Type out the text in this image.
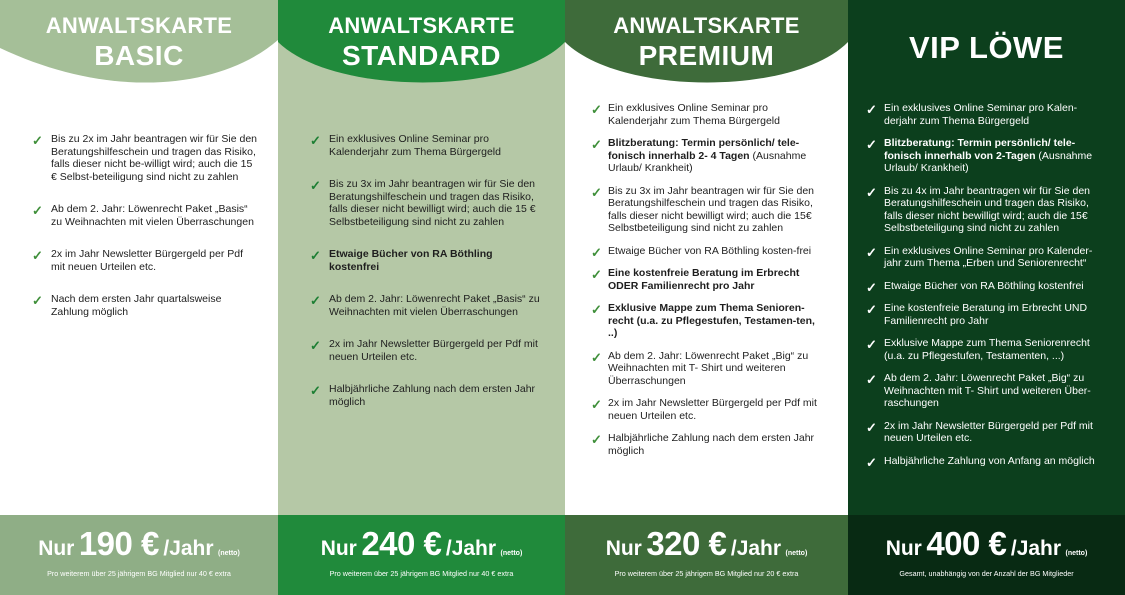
ANWALTSKARTE
BASIC
✓ Bis zu 2x im Jahr beantragen wir für Sie den Beratungshilfeschein und tragen das Risiko, falls dieser nicht be-willigt wird; auch die 15 € Selbst-beteiligung sind nicht zu zahlen
✓ Ab dem 2. Jahr: Löwenrecht Paket „Basis“ zu Weihnachten mit vielen Überraschungen
✓ 2x im Jahr Newsletter Bürgergeld per Pdf mit neuen Urteilen etc.
✓ Nach dem ersten Jahr quartalsweise Zahlung möglich
Nur 190 € /Jahr (netto)
Pro weiterem über 25 jährigem BG Mitglied nur 40 € extra
ANWALTSKARTE
STANDARD
✓ Ein exklusives Online Seminar pro Kalenderjahr zum Thema Bürgergeld
✓ Bis zu 3x im Jahr beantragen wir für Sie den Beratungshilfeschein und tragen das Risiko, falls dieser nicht bewilligt wird; auch die 15 € Selbstbeteiligung sind nicht zu zahlen
✓ Etwaige Bücher von RA Böthling kostenfrei
✓ Ab dem 2. Jahr: Löwenrecht Paket „Basis“ zu Weihnachten mit vielen Überraschungen
✓ 2x im Jahr Newsletter Bürgergeld per Pdf mit neuen Urteilen etc.
✓ Halbjährliche Zahlung nach dem ersten Jahr möglich
Nur 240 € /Jahr (netto)
Pro weiterem über 25 jährigem BG Mitglied nur 40 € extra
ANWALTSKARTE
PREMIUM
✓ Ein exklusives Online Seminar pro Kalenderjahr zum Thema Bürgergeld
✓ Blitzberatung: Termin persönlich/ tele-fonisch innerhalb 2- 4 Tagen (Ausnahme Urlaub/ Krankheit)
✓ Bis zu 3x im Jahr beantragen wir für Sie den Beratungshilfeschein und tragen das Risiko, falls dieser nicht bewilligt wird; auch die 15€ Selbstbeteiligung sind nicht zu zahlen
✓ Etwaige Bücher von RA Böthling kosten-frei
✓ Eine kostenfreie Beratung im Erbrecht ODER Familienrecht pro Jahr
✓ Exklusive Mappe zum Thema Senioren-recht (u.a. zu Pflegestufen, Testamen-ten, ..)
✓ Ab dem 2. Jahr: Löwenrecht Paket „Big“ zu Weihnachten mit T- Shirt und weiteren Überraschungen
✓ 2x im Jahr Newsletter Bürgergeld per Pdf mit neuen Urteilen etc.
✓ Halbjährliche Zahlung nach dem ersten Jahr möglich
Nur 320 € /Jahr (netto)
Pro weiterem über 25 jährigem BG Mitglied nur 20 € extra
VIP LÖWE
✓ Ein exklusives Online Seminar pro Kalen-derjahr zum Thema Bürgergeld
✓ Blitzberatung: Termin persönlich/ tele-fonisch innerhalb von 2-Tagen (Ausnahme Urlaub/ Krankheit)
✓ Bis zu 4x im Jahr beantragen wir für Sie den Beratungshilfeschein und tragen das Risiko, falls dieser nicht bewilligt wird; auch die 15€ Selbstbeteiligung sind nicht zu zahlen
✓ Ein exklusives Online Seminar pro Kalender-jahr zum Thema „Erben und Seniorenrecht“
✓ Etwaige Bücher von RA Böthling kostenfrei
✓ Eine kostenfreie Beratung im Erbrecht UND Familienrecht pro Jahr
✓ Exklusive Mappe zum Thema Seniorenrecht (u.a. zu Pflegestufen, Testamenten, ...)
✓ Ab dem 2. Jahr: Löwenrecht Paket „Big“ zu Weihnachten mit T- Shirt und weiteren Über-raschungen
✓ 2x im Jahr Newsletter Bürgergeld per Pdf mit neuen Urteilen etc.
✓ Halbjährliche Zahlung von Anfang an möglich
Nur 400 € /Jahr (netto)
Gesamt, unabhängig von der Anzahl der BG Mitglieder
